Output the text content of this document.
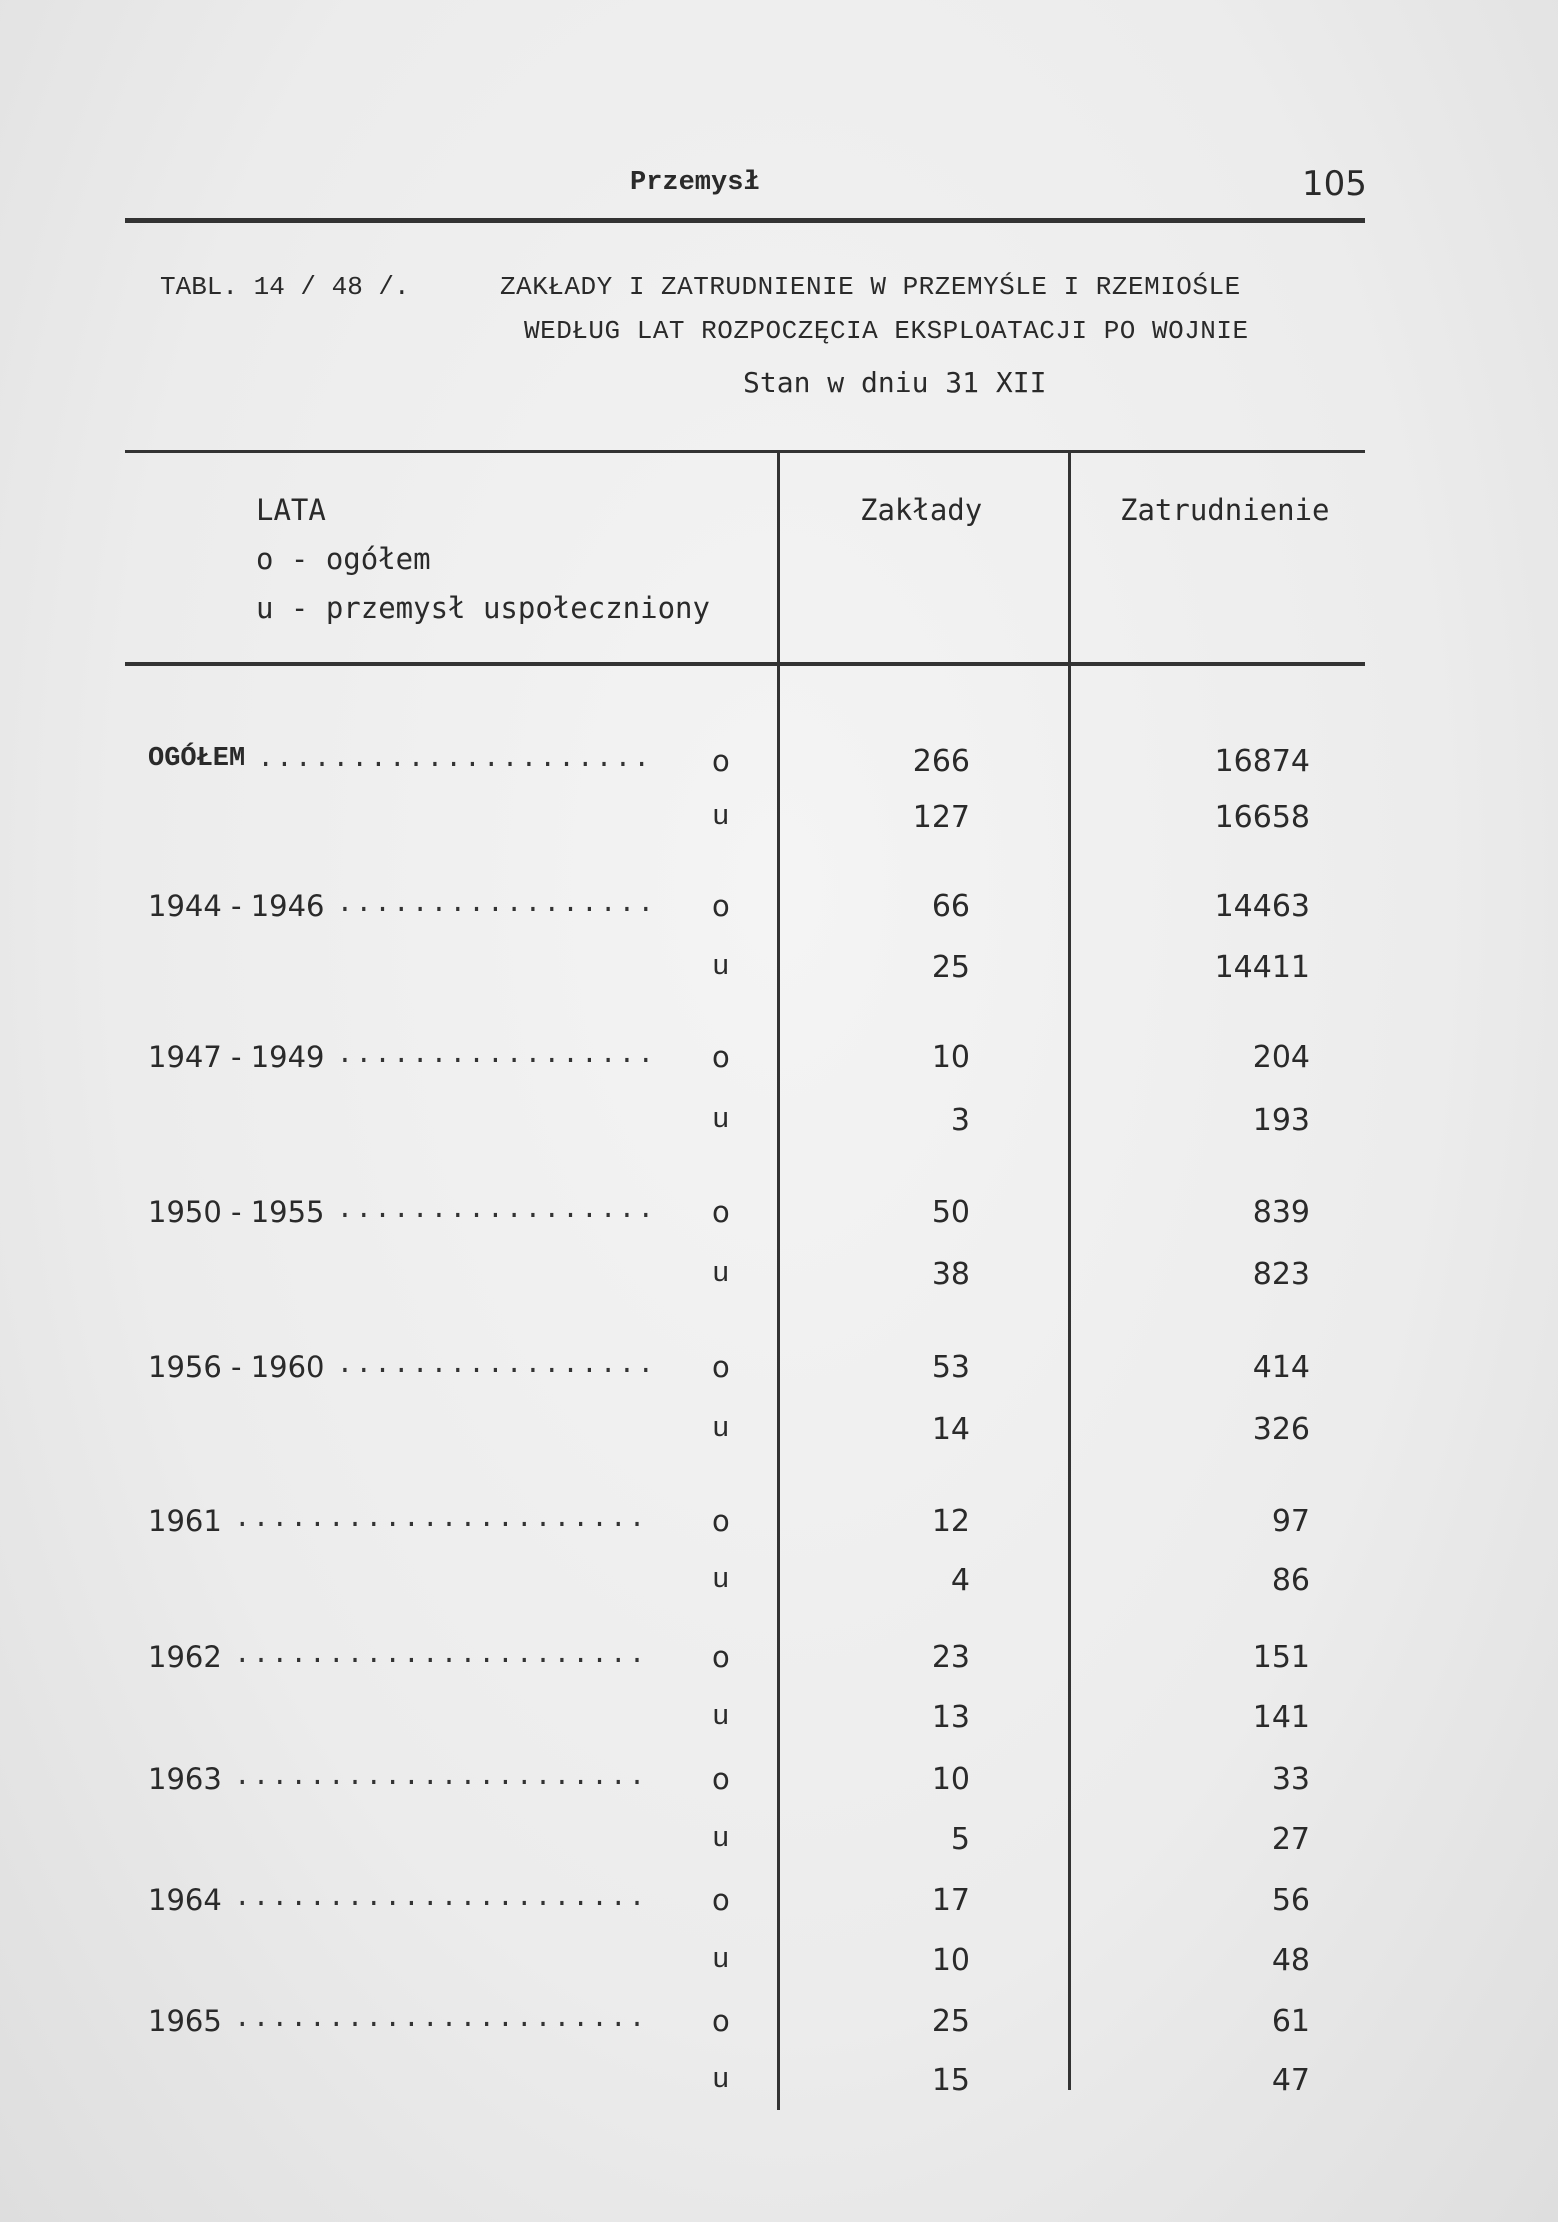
Przemysł	105
TABL. 14 / 48 /.	ZAKŁADY I ZATRUDNIENIE W PRZEMYŚLE I RZEMIOŚLE
WEDŁUG LAT ROZPOCZĘCIA EKSPLOATACJI PO WOJNIE
Stan w dniu 31 XII
LATA
o - ogółem
u - przemysł uspołeczniony
Zakłady	Zatrudnienie
OGÓŁEM ..................... o	266	16874
u	127	16658
1944 - 1946 ................. o	66	14463
u	25	14411
1947 - 1949 ................. o	10	204
u	3	193
1950 - 1955 ................. o	50	839
u	38	823
1956 - 1960 ................. o	53	414
u	14	326
1961 ...................... o	12	97
u	4	86
1962 ...................... o	23	151
u	13	141
1963 ...................... o	10	33
u	5	27
1964 ...................... o	17	56
u	10	48
1965 ...................... o	25	61
u	15	47
